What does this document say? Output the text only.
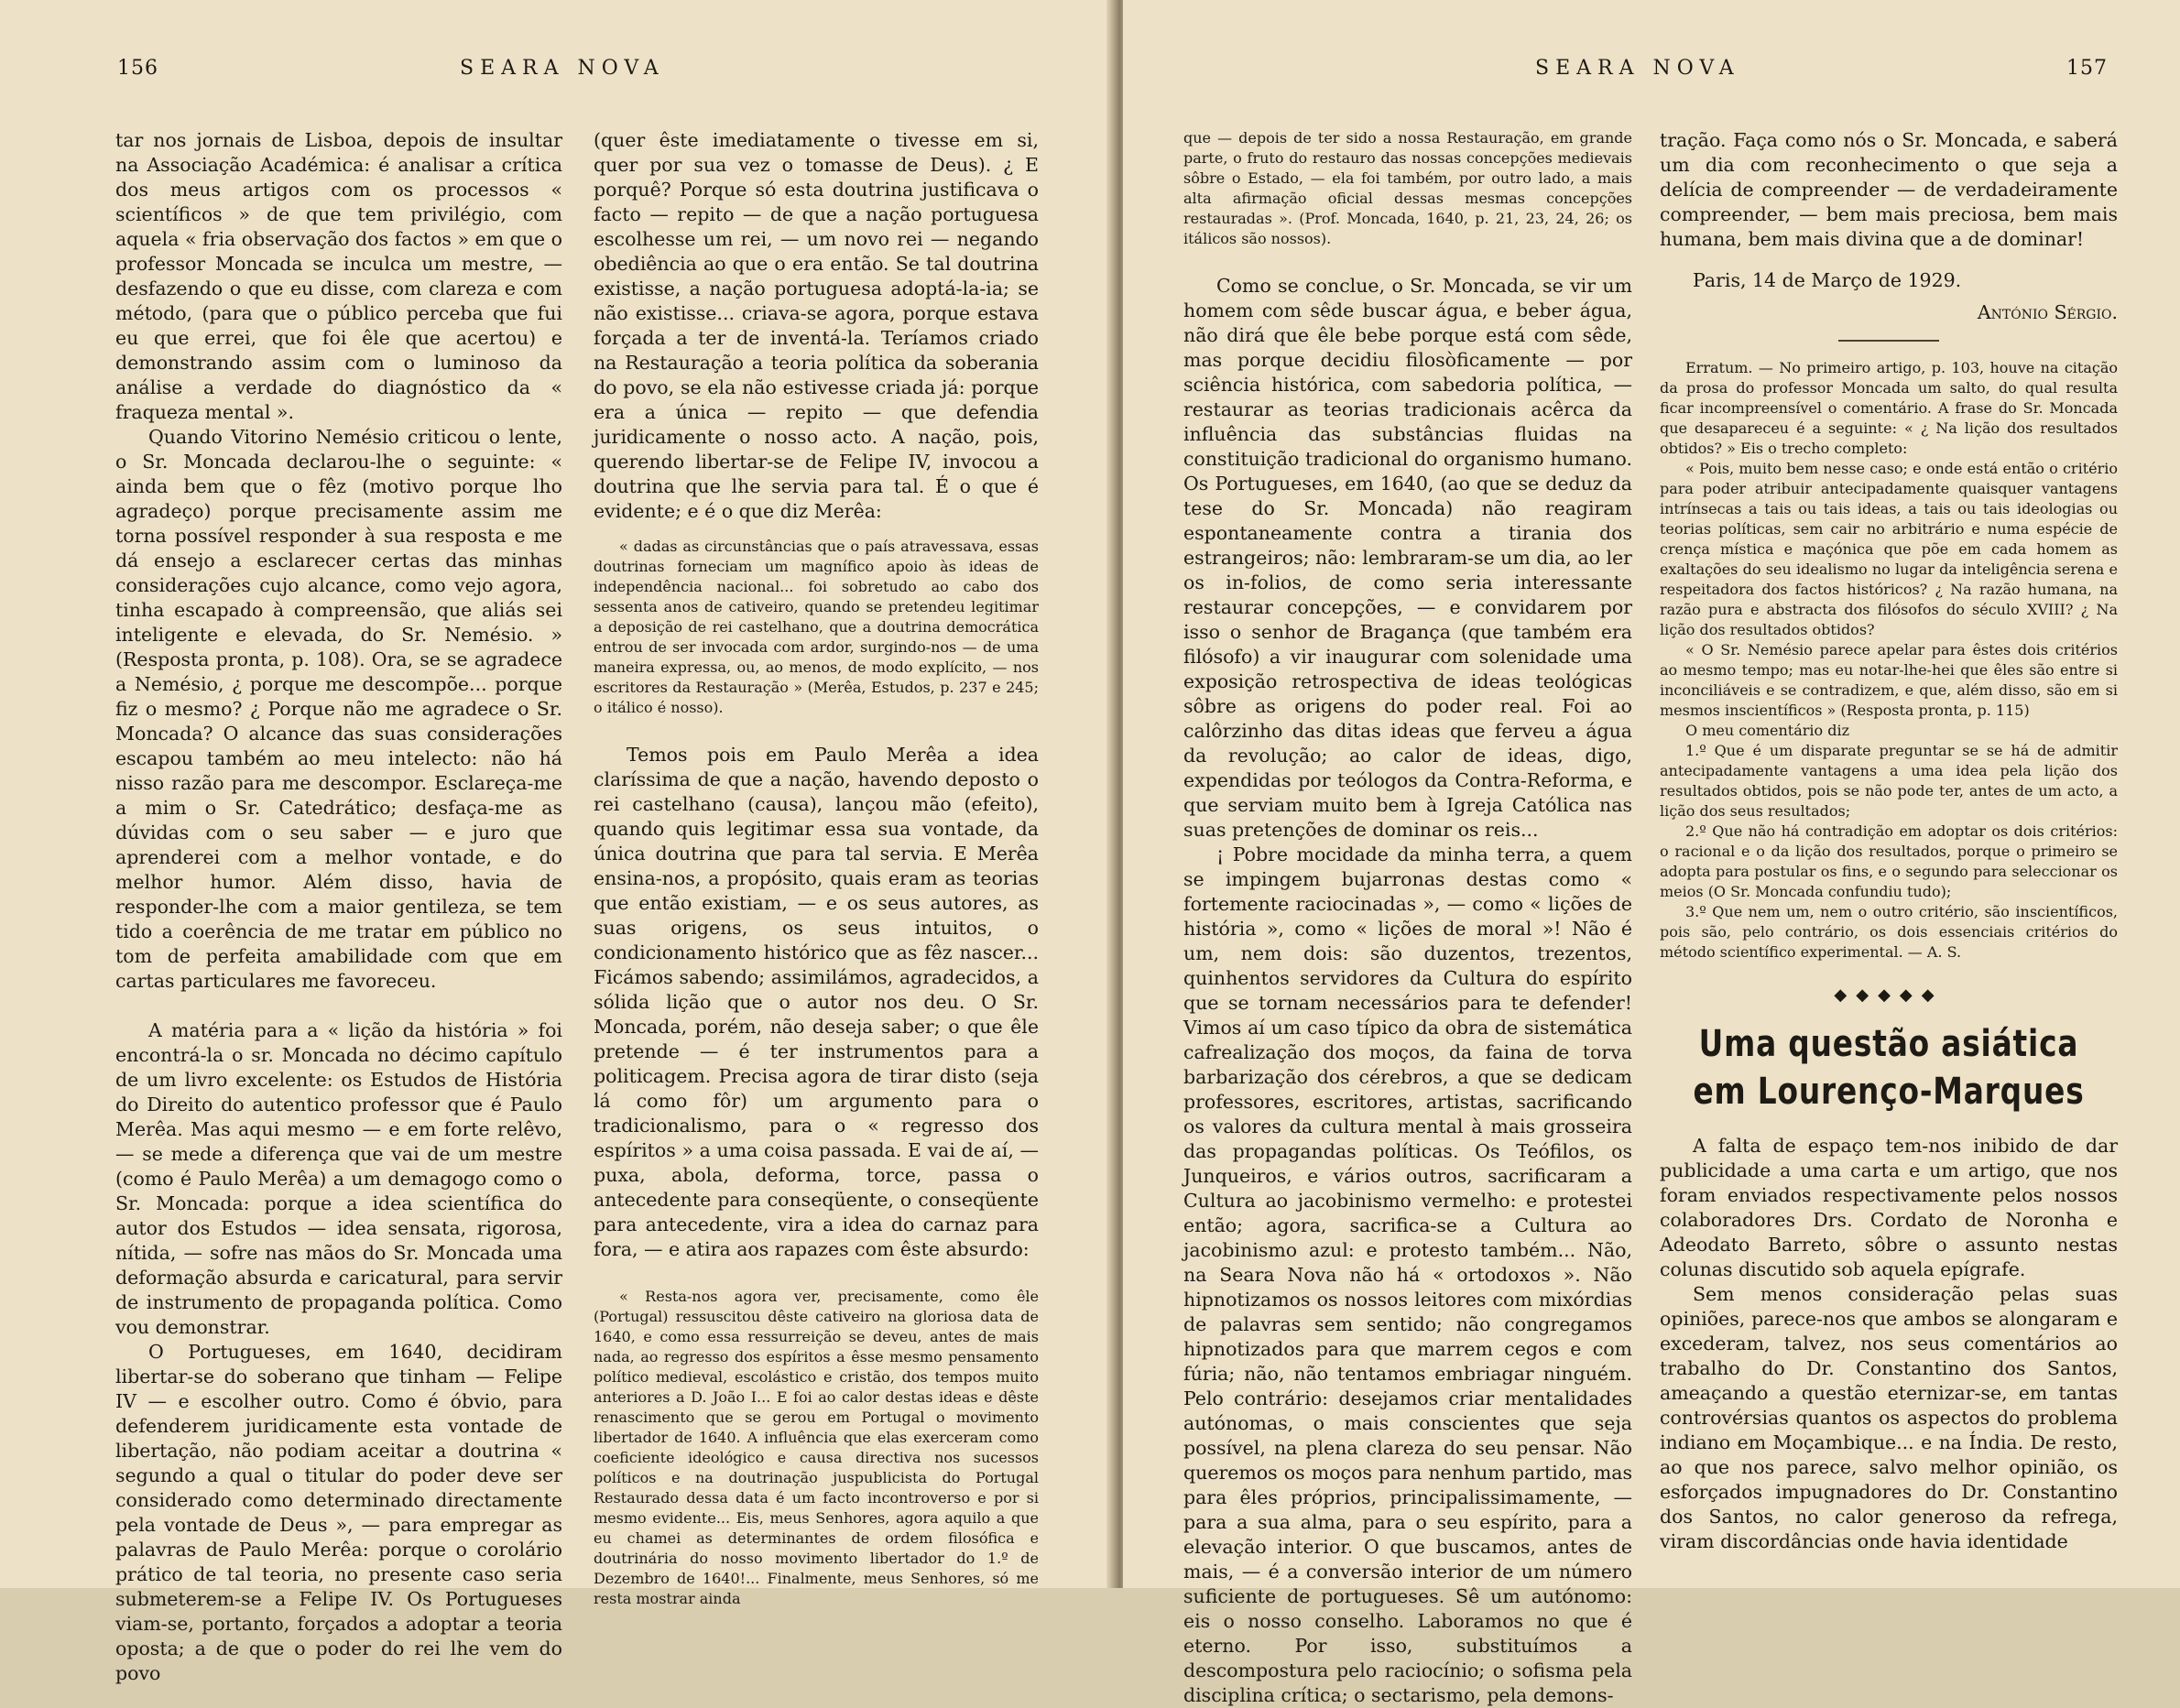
156	SEARA NOVA

tar nos jornais de Lisboa, depois de insultar na Associação Académica: é analisar a crítica dos meus artigos com os processos « scientíficos » de que tem privilégio, com aquela « fria observação dos factos » em que o professor Moncada se inculca um mestre, — desfazendo o que eu disse, com clareza e com método, (para que o público perceba que fui eu que errei, que foi êle que acertou) e demonstrando assim com o luminoso da análise a verdade do diagnóstico da « fraqueza mental ».

Quando Vitorino Nemésio criticou o lente, o Sr. Moncada declarou-lhe o seguinte: « ainda bem que o fêz (motivo porque lho agradeço) porque precisamente assim me torna possível responder à sua resposta e me dá ensejo a esclarecer certas das minhas considerações cujo alcance, como vejo agora, tinha escapado à compreensão, que aliás sei inteligente e elevada, do Sr. Nemésio. » (Resposta pronta, p. 108). Ora, se se agradece a Nemésio, ¿ porque me descompõe... porque fiz o mesmo? ¿ Porque não me agradece o Sr. Moncada? O alcance das suas considerações escapou também ao meu intelecto: não há nisso razão para me descompor. Esclareça-me a mim o Sr. Catedrático; desfaça-me as dúvidas com o seu saber — e juro que aprenderei com a melhor vontade, e do melhor humor. Além disso, havia de responder-lhe com a maior gentileza, se tem tido a coerência de me tratar em público no tom de perfeita amabilidade com que em cartas particulares me favoreceu.

A matéria para a « lição da história » foi encontrá-la o sr. Moncada no décimo capítulo de um livro excelente: os Estudos de História do Direito do autentico professor que é Paulo Merêa. Mas aqui mesmo — e em forte relêvo, — se mede a diferença que vai de um mestre (como é Paulo Merêa) a um demagogo como o Sr. Moncada: porque a idea scientífica do autor dos Estudos — idea sensata, rigorosa, nítida, — sofre nas mãos do Sr. Moncada uma deformação absurda e caricatural, para servir de instrumento de propaganda política. Como vou demonstrar.

O Portugueses, em 1640, decidiram libertar-se do soberano que tinham — Felipe IV — e escolher outro. Como é óbvio, para defenderem juridicamente esta vontade de libertação, não podiam aceitar a doutrina « segundo a qual o titular do poder deve ser considerado como determinado directamente pela vontade de Deus », — para empregar as palavras de Paulo Merêa: porque o corolário prático de tal teoria, no presente caso seria submeterem-se a Felipe IV. Os Portugueses viam-se, portanto, forçados a adoptar a teoria oposta; a de que o poder do rei lhe vem do povo

(quer êste imediatamente o tivesse em si, quer por sua vez o tomasse de Deus). ¿ E porquê? Porque só esta doutrina justificava o facto — repito — de que a nação portuguesa escolhesse um rei, — um novo rei — negando obediência ao que o era então. Se tal doutrina existisse, a nação portuguesa adoptá-la-ia; se não existisse... criava-se agora, porque estava forçada a ter de inventá-la. Teríamos criado na Restauração a teoria política da soberania do povo, se ela não estivesse criada já: porque era a única — repito — que defendia juridicamente o nosso acto. A nação, pois, querendo libertar-se de Felipe IV, invocou a doutrina que lhe servia para tal. É o que é evidente; e é o que diz Merêa:

« dadas as circunstâncias que o país atravessava, essas doutrinas forneciam um magnífico apoio às ideas de independência nacional... foi sobretudo ao cabo dos sessenta anos de cativeiro, quando se pretendeu legitimar a deposição de rei castelhano, que a doutrina democrática entrou de ser invocada com ardor, surgindo-nos — de uma maneira expressa, ou, ao menos, de modo explícito, — nos escritores da Restauração » (Merêa, Estudos, p. 237 e 245; o itálico é nosso).

Temos pois em Paulo Merêa a idea claríssima de que a nação, havendo deposto o rei castelhano (causa), lançou mão (efeito), quando quis legitimar essa sua vontade, da única doutrina que para tal servia. E Merêa ensina-nos, a propósito, quais eram as teorias que então existiam, — e os seus autores, as suas origens, os seus intuitos, o condicionamento histórico que as fêz nascer... Ficámos sabendo; assimilámos, agradecidos, a sólida lição que o autor nos deu. O Sr. Moncada, porém, não deseja saber; o que êle pretende — é ter instrumentos para a politicagem. Precisa agora de tirar disto (seja lá como fôr) um argumento para o tradicionalismo, para o « regresso dos espíritos » a uma coisa passada. E vai de aí, — puxa, abola, deforma, torce, passa o antecedente para conseqüente, o conseqüente para antecedente, vira a idea do carnaz para fora, — e atira aos rapazes com êste absurdo:

« Resta-nos agora ver, precisamente, como êle (Portugal) ressuscitou dêste cativeiro na gloriosa data de 1640, e como essa ressurreição se deveu, antes de mais nada, ao regresso dos espíritos a êsse mesmo pensamento político medieval, escolástico e cristão, dos tempos muito anteriores a D. João I... E foi ao calor destas ideas e dêste renascimento que se gerou em Portugal o movimento libertador de 1640. A influência que elas exerceram como coeficiente ideológico e causa directiva nos sucessos políticos e na doutrinação juspublicista do Portugal Restaurado dessa data é um facto incontroverso e por si mesmo evidente... Eis, meus Senhores, agora aquilo a que eu chamei as determinantes de ordem filosófica e doutrinária do nosso movimento libertador do 1.º de Dezembro de 1640!... Finalmente, meus Senhores, só me resta mostrar ainda

SEARA NOVA	157

que — depois de ter sido a nossa Restauração, em grande parte, o fruto do restauro das nossas concepções medievais sôbre o Estado, — ela foi também, por outro lado, a mais alta afirmação oficial dessas mesmas concepções restauradas ». (Prof. Moncada, 1640, p. 21, 23, 24, 26; os itálicos são nossos).

Como se conclue, o Sr. Moncada, se vir um homem com sêde buscar água, e beber água, não dirá que êle bebe porque está com sêde, mas porque decidiu filosòficamente — por sciência histórica, com sabedoria política, — restaurar as teorias tradicionais acêrca da influência das substâncias fluidas na constituição tradicional do organismo humano. Os Portugueses, em 1640, (ao que se deduz da tese do Sr. Moncada) não reagiram espontaneamente contra a tirania dos estrangeiros; não: lembraram-se um dia, ao ler os in-folios, de como seria interessante restaurar concepções, — e convidarem por isso o senhor de Bragança (que também era filósofo) a vir inaugurar com solenidade uma exposição retrospectiva de ideas teológicas sôbre as origens do poder real. Foi ao calôrzinho das ditas ideas que ferveu a água da revolução; ao calor de ideas, digo, expendidas por teólogos da Contra-Reforma, e que serviam muito bem à Igreja Católica nas suas pretenções de dominar os reis...

¡ Pobre mocidade da minha terra, a quem se impingem bujarronas destas como « fortemente raciocinadas », — como « lições de história », como « lições de moral »! Não é um, nem dois: são duzentos, trezentos, quinhentos servidores da Cultura do espírito que se tornam necessários para te defender! Vimos aí um caso típico da obra de sistemática cafrealização dos moços, da faina de torva barbarização dos cérebros, a que se dedicam professores, escritores, artistas, sacrificando os valores da cultura mental à mais grosseira das propagandas políticas. Os Teófilos, os Junqueiros, e vários outros, sacrificaram a Cultura ao jacobinismo vermelho: e protestei então; agora, sacrifica-se a Cultura ao jacobinismo azul: e protesto também... Não, na Seara Nova não há « ortodoxos ». Não hipnotizamos os nossos leitores com mixórdias de palavras sem sentido; não congregamos hipnotizados para que marrem cegos e com fúria; não, não tentamos embriagar ninguém. Pelo contrário: desejamos criar mentalidades autónomas, o mais conscientes que seja possível, na plena clareza do seu pensar. Não queremos os moços para nenhum partido, mas para êles próprios, principalissimamente, — para a sua alma, para o seu espírito, para a elevação interior. O que buscamos, antes de mais, — é a conversão interior de um número suficiente de portugueses. Sê um autónomo: eis o nosso conselho. Laboramos no que é eterno. Por isso, substituímos a descompostura pelo raciocínio; o sofisma pela disciplina crítica; o sectarismo, pela demons-

tração. Faça como nós o Sr. Moncada, e saberá um dia com reconhecimento o que seja a delícia de compreender — de verdadeiramente compreender, — bem mais preciosa, bem mais humana, bem mais divina que a de dominar!

Paris, 14 de Março de 1929.

António Sérgio.

Erratum. — No primeiro artigo, p. 103, houve na citação da prosa do professor Moncada um salto, do qual resulta ficar incompreensível o comentário. A frase do Sr. Moncada que desapareceu é a seguinte: « ¿ Na lição dos resultados obtidos? » Eis o trecho completo:

« Pois, muito bem nesse caso; e onde está então o critério para poder atribuir antecipadamente quaisquer vantagens intrínsecas a tais ou tais ideas, a tais ou tais ideologias ou teorias políticas, sem cair no arbitrário e numa espécie de crença mística e maçónica que põe em cada homem as exaltações do seu idealismo no lugar da inteligência serena e respeitadora dos factos históricos? ¿ Na razão humana, na razão pura e abstracta dos filósofos do século XVIII? ¿ Na lição dos resultados obtidos?

« O Sr. Nemésio parece apelar para êstes dois critérios ao mesmo tempo; mas eu notar-lhe-hei que êles são entre si inconciliáveis e se contradizem, e que, além disso, são em si mesmos inscientíficos » (Resposta pronta, p. 115)

O meu comentário diz

1.º Que é um disparate preguntar se se há de admitir antecipadamente vantagens a uma idea pela lição dos resultados obtidos, pois se não pode ter, antes de um acto, a lição dos seus resultados;

2.º Que não há contradição em adoptar os dois critérios: o racional e o da lição dos resultados, porque o primeiro se adopta para postular os fins, e o segundo para seleccionar os meios (O Sr. Moncada confundiu tudo);

3.º Que nem um, nem o outro critério, são inscientíficos, pois são, pelo contrário, os dois essenciais critérios do método scientífico experimental. — A. S.

◆◆◆◆◆
Uma questão asiática
em Lourenço-Marques

A falta de espaço tem-nos inibido de dar publicidade a uma carta e um artigo, que nos foram enviados respectivamente pelos nossos colaboradores Drs. Cordato de Noronha e Adeodato Barreto, sôbre o assunto nestas colunas discutido sob aquela epígrafe.

Sem menos consideração pelas suas opiniões, parece-nos que ambos se alongaram e excederam, talvez, nos seus comentários ao trabalho do Dr. Constantino dos Santos, ameaçando a questão eternizar-se, em tantas controvérsias quantos os aspectos do problema indiano em Moçambique... e na Índia. De resto, ao que nos parece, salvo melhor opinião, os esforçados impugnadores do Dr. Constantino dos Santos, no calor generoso da refrega, viram discordâncias onde havia identidade
